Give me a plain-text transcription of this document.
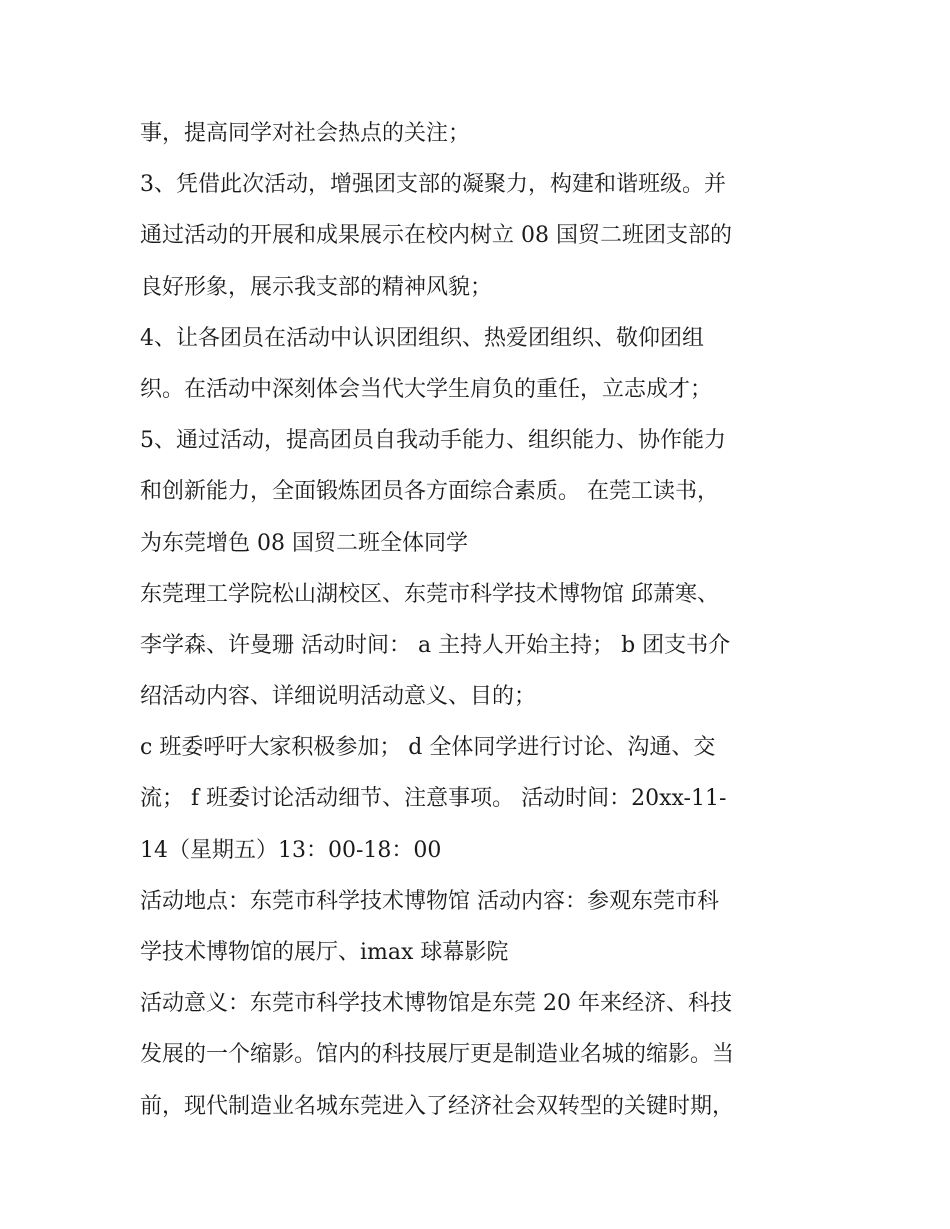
事，提高同学对社会热点的关注；
3、凭借此次活动，增强团支部的凝聚力，构建和谐班级。并
通过活动的开展和成果展示在校内树立 08 国贸二班团支部的
良好形象，展示我支部的精神风貌；
4、让各团员在活动中认识团组织、热爱团组织、敬仰团组
织。在活动中深刻体会当代大学生肩负的重任，立志成才；
5、通过活动，提高团员自我动手能力、组织能力、协作能力
和创新能力，全面锻炼团员各方面综合素质。 在莞工读书，
为东莞增色 08 国贸二班全体同学
东莞理工学院松山湖校区、东莞市科学技术博物馆 邱萧寒、
李学森、许曼珊 活动时间： a 主持人开始主持； b 团支书介
绍活动内容、详细说明活动意义、目的；
c 班委呼吁大家积极参加； d 全体同学进行讨论、沟通、交
流； f 班委讨论活动细节、注意事项。 活动时间：20xx-11-
14（星期五）13：00-18：00
活动地点：东莞市科学技术博物馆 活动内容：参观东莞市科
学技术博物馆的展厅、imax 球幕影院
活动意义：东莞市科学技术博物馆是东莞 20 年来经济、科技
发展的一个缩影。馆内的科技展厅更是制造业名城的缩影。当
前，现代制造业名城东莞进入了经济社会双转型的关键时期，
